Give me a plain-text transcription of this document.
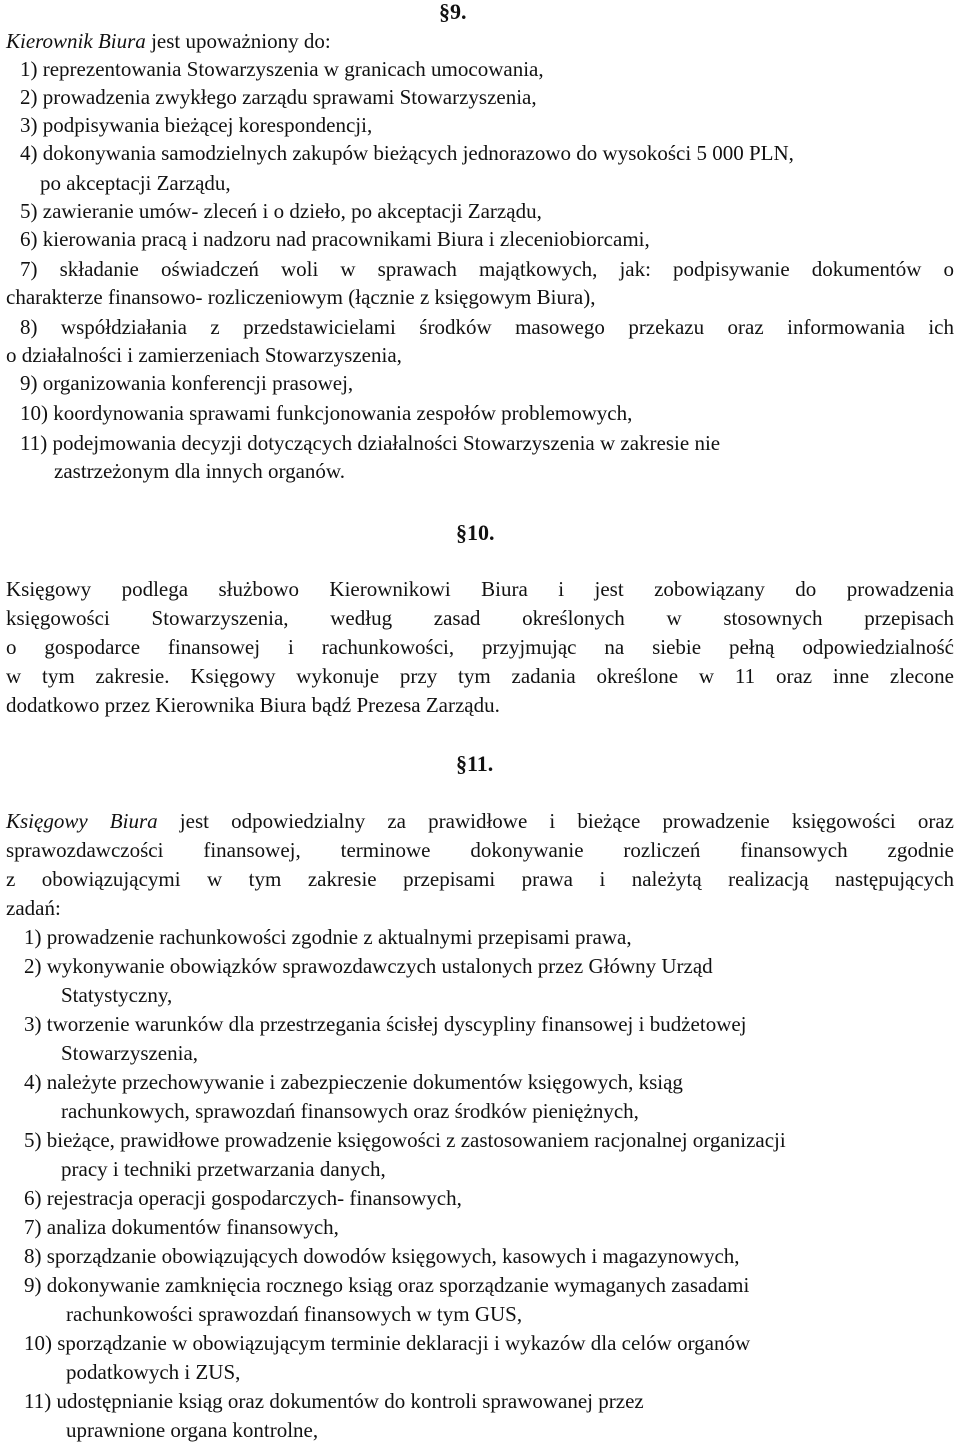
§9.
Kierownik Biura jest upoważniony do:
1) reprezentowania Stowarzyszenia w granicach umocowania,
2) prowadzenia zwykłego zarządu sprawami Stowarzyszenia,
3) podpisywania bieżącej korespondencji,
4) dokonywania samodzielnych zakupów bieżących jednorazowo do wysokości 5 000 PLN,
po akceptacji Zarządu,
5) zawieranie umów- zleceń i o dzieło, po akceptacji Zarządu,
6) kierowania pracą i nadzoru nad pracownikami Biura i zleceniobiorcami,
7) składanie oświadczeń woli w sprawach majątkowych, jak: podpisywanie dokumentów o
charakterze finansowo- rozliczeniowym (łącznie z księgowym Biura),
8) współdziałania z przedstawicielami środków masowego przekazu oraz informowania ich
o działalności i zamierzeniach Stowarzyszenia,
9) organizowania konferencji prasowej,
10) koordynowania sprawami funkcjonowania zespołów problemowych,
11) podejmowania decyzji dotyczących działalności Stowarzyszenia w zakresie nie
zastrzeżonym dla innych organów.
§10.
Księgowy podlega służbowo Kierownikowi Biura i jest zobowiązany do prowadzenia
księgowości Stowarzyszenia, według zasad określonych w stosownych przepisach
o gospodarce finansowej i rachunkowości, przyjmując na siebie pełną odpowiedzialność
w tym zakresie. Księgowy wykonuje przy tym zadania określone w 11 oraz inne zlecone
dodatkowo przez Kierownika Biura bądź Prezesa Zarządu.
§11.
Księgowy Biura jest odpowiedzialny za prawidłowe i bieżące prowadzenie księgowości oraz
sprawozdawczości finansowej, terminowe dokonywanie rozliczeń finansowych zgodnie
z obowiązującymi w tym zakresie przepisami prawa i należytą realizacją następujących
zadań:
1) prowadzenie rachunkowości zgodnie z aktualnymi przepisami prawa,
2) wykonywanie obowiązków sprawozdawczych ustalonych przez Główny Urząd
Statystyczny,
3) tworzenie warunków dla przestrzegania ścisłej dyscypliny finansowej i budżetowej
Stowarzyszenia,
4) należyte przechowywanie i zabezpieczenie dokumentów księgowych, ksiąg
rachunkowych, sprawozdań finansowych oraz środków pieniężnych,
5) bieżące, prawidłowe prowadzenie księgowości z zastosowaniem racjonalnej organizacji
pracy i techniki przetwarzania danych,
6) rejestracja operacji gospodarczych- finansowych,
7) analiza dokumentów finansowych,
8) sporządzanie obowiązujących dowodów księgowych, kasowych i magazynowych,
9) dokonywanie zamknięcia rocznego ksiąg oraz sporządzanie wymaganych zasadami
rachunkowości sprawozdań finansowych w tym GUS,
10) sporządzanie w obowiązującym terminie deklaracji i wykazów dla celów organów
podatkowych i ZUS,
11) udostępnianie ksiąg oraz dokumentów do kontroli sprawowanej przez
uprawnione organa kontrolne,
